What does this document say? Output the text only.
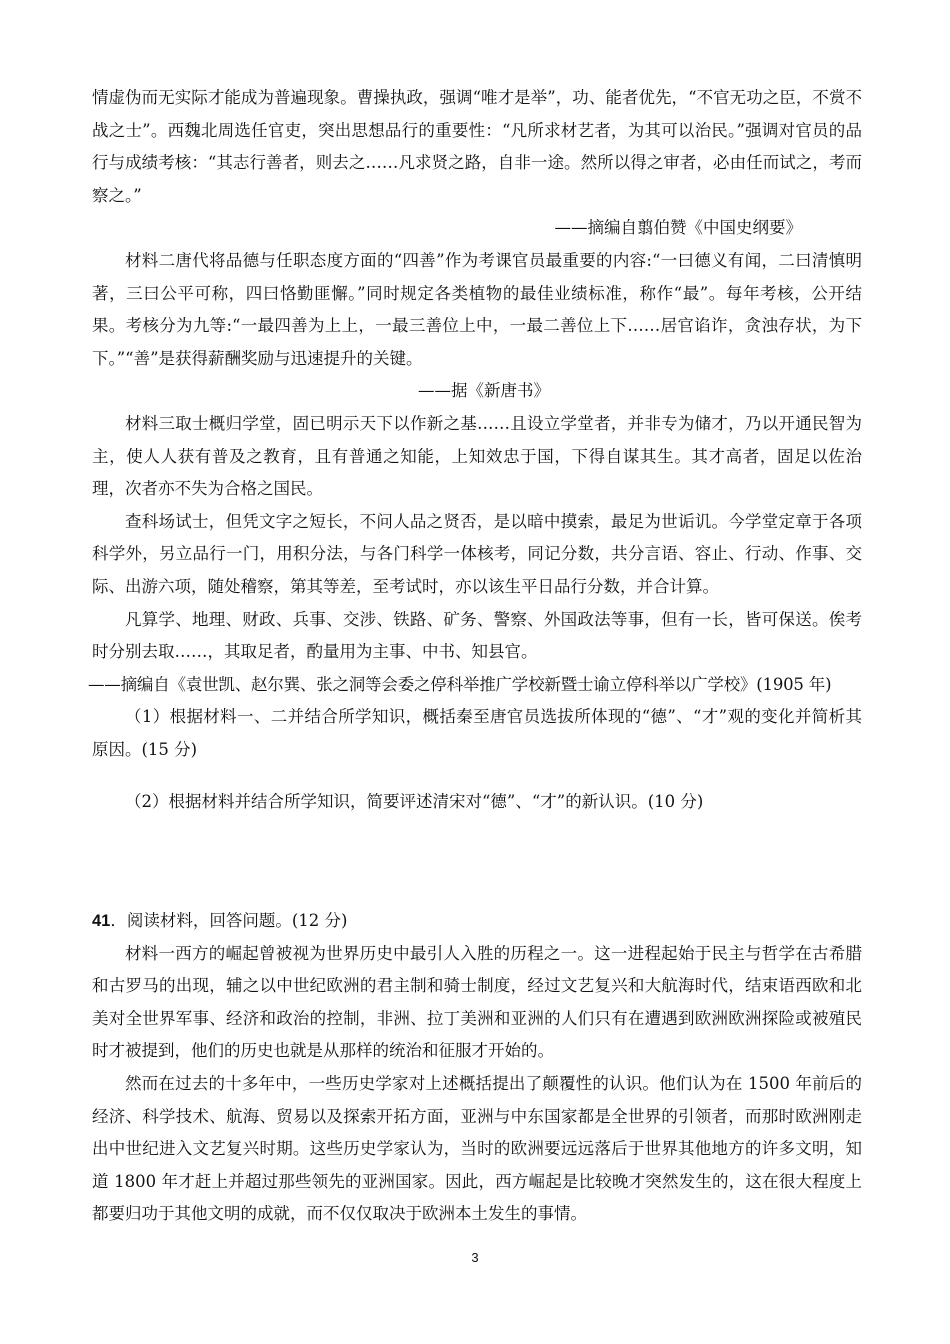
情虚伪而无实际才能成为普遍现象。曹操执政，强调“唯才是举”，功、能者优先，“不官无功之臣，不赏不战之士”。西魏北周选任官吏，突出思想品行的重要性：“凡所求材艺者，为其可以治民。”强调对官员的品行与成绩考核：“其志行善者，则去之……凡求贤之路，自非一途。然所以得之审者，必由任而试之，考而察之。”

——摘编自翦伯赞《中国史纲要》

材料二唐代将品德与任职态度方面的“四善”作为考课官员最重要的内容:“一曰德义有闻，二曰清慎明著，三曰公平可称，四曰恪勤匪懈。”同时规定各类植物的最佳业绩标准，称作“最”。每年考核，公开结果。考核分为九等:“一最四善为上上，一最三善位上中，一最二善位上下……居官谄诈，贪浊存状，为下下。”“善”是获得薪酬奖励与迅速提升的关键。

——据《新唐书》

材料三取士概归学堂，固已明示天下以作新之基……且设立学堂者，并非专为储才，乃以开通民智为主，使人人获有普及之教育，且有普通之知能，上知效忠于国，下得自谋其生。其才高者，固足以佐治理，次者亦不失为合格之国民。

查科场试士，但凭文字之短长，不问人品之贤否，是以暗中摸索，最足为世诟讥。今学堂定章于各项科学外，另立品行一门，用积分法，与各门科学一体核考，同记分数，共分言语、容止、行动、作事、交际、出游六项，随处稽察，第其等差，至考试时，亦以该生平日品行分数，并合计算。

凡算学、地理、财政、兵事、交涉、铁路、矿务、警察、外国政法等事，但有一长，皆可保送。俟考时分别去取……，其取足者，酌量用为主事、中书、知县官。

——摘编自《袁世凯、赵尔巽、张之洞等会委之停科举推广学校新暨士谕立停科举以广学校》(1905 年)

（1）根据材料一、二并结合所学知识，概括秦至唐官员选拔所体现的“德”、“才”观的变化并简析其原因。(15 分)

（2）根据材料并结合所学知识，简要评述清宋对“德”、“才”的新认识。(10 分)

41．阅读材料，回答问题。(12 分)

材料一西方的崛起曾被视为世界历史中最引人入胜的历程之一。这一进程起始于民主与哲学在古希腊和古罗马的出现，辅之以中世纪欧洲的君主制和骑士制度，经过文艺复兴和大航海时代，结束语西欧和北美对全世界军事、经济和政治的控制，非洲、拉丁美洲和亚洲的人们只有在遭遇到欧洲欧洲探险或被殖民时才被提到，他们的历史也就是从那样的统治和征服才开始的。

然而在过去的十多年中，一些历史学家对上述概括提出了颠覆性的认识。他们认为在 1500 年前后的经济、科学技术、航海、贸易以及探索开拓方面，亚洲与中东国家都是全世界的引领者，而那时欧洲刚走出中世纪进入文艺复兴时期。这些历史学家认为，当时的欧洲要远远落后于世界其他地方的许多文明，知道 1800 年才赶上并超过那些领先的亚洲国家。因此，西方崛起是比较晚才突然发生的，这在很大程度上都要归功于其他文明的成就，而不仅仅取决于欧洲本土发生的事情。

3
